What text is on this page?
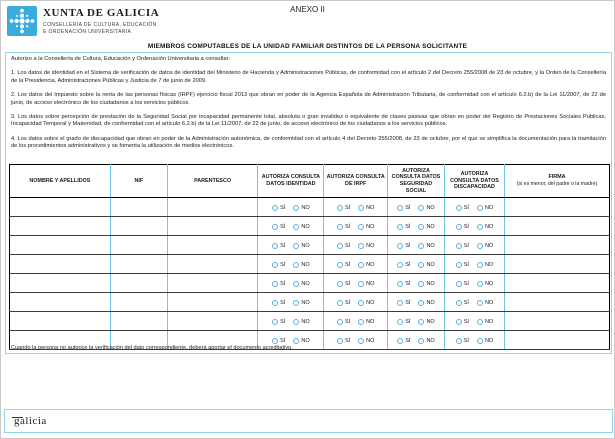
XUNTA DE GALICIA
CONSELLERÍA DE CULTURA, EDUCACIÓN
E ORDENACIÓN UNIVERSITARIA
ANEXO II
MIEMBROS COMPUTABLES DE LA UNIDAD FAMILIAR DISTINTOS DE LA PERSONA SOLICITANTE

Autorizo a la Consellería de Cultura, Educación y Ordenación Universitaria a consultar:

1. Los datos de identidad en el Sistema de verificación de datos de identidad del Ministerio de Hacienda y Administraciones Públicas, de conformidad con el artículo 2 del Decreto 255/2008 de 23 de octubre, y la Orden de la Consellería de la Presidencia, Administraciones Públicas y Justicia de 7 de junio de 2009.

2. Los datos del Impuesto sobre la renta de las personas físicas (IRPF) ejercicio fiscal 2013 que obran en poder de la Agencia Española de Administración Tributaria, de conformidad con el artículo 6.2.b) de la Lei 11/2007, de 22 de junio, de acceso electrónico de los ciudadanos a los servicios públicos.

3. Los datos sobre percepción de prestación de la Seguridad Social por incapacidad permanente total, absoluta o gran invalidez o equivalente de clases pasivas que obran en poder del Registro de Prestaciones Sociales Públicas, Incapacidad Temporal y Maternidad, de conformidad con el artículo 6.2.b) de la Lei 11/2007, de 22 de junio, de acceso electrónico de los ciudadanos a los servicios públicos.

4. Los datos sobre el grado de discapacidad que obran en poder de la Administración autonómica, de conformidad con el artículo 4 del Decreto 255/2008, de 23 de octubre, por el que se simplifica la documentación para la tramitación de los procedimientos administrativos y se fomenta la utilización de medios electrónicos.

NOMBRE Y APELLIDOS	NIF	PARENTESCO	AUTORIZA CONSULTA DATOS IDENTIDAD	AUTORIZA CONSULTA DE IRPF	AUTORIZA CONSULTA DATOS SEGURIDAD SOCIAL	AUTORIZA CONSULTA DATOS DISCAPACIDAD	FIRMA
(si es menor, del padre o la madre)

			SÍ NO	SÍ NO	SÍ NO	SÍ NO	

			SÍ NO	SÍ NO	SÍ NO	SÍ NO	

			SÍ NO	SÍ NO	SÍ NO	SÍ NO	

			SÍ NO	SÍ NO	SÍ NO	SÍ NO	

			SÍ NO	SÍ NO	SÍ NO	SÍ NO	

			SÍ NO	SÍ NO	SÍ NO	SÍ NO	

			SÍ NO	SÍ NO	SÍ NO	SÍ NO	

			SÍ NO	SÍ NO	SÍ NO	SÍ NO	

Cuando la persona no autorice la verificación del dato correspondiente, deberá aportar el documento acreditativo.
galicia
